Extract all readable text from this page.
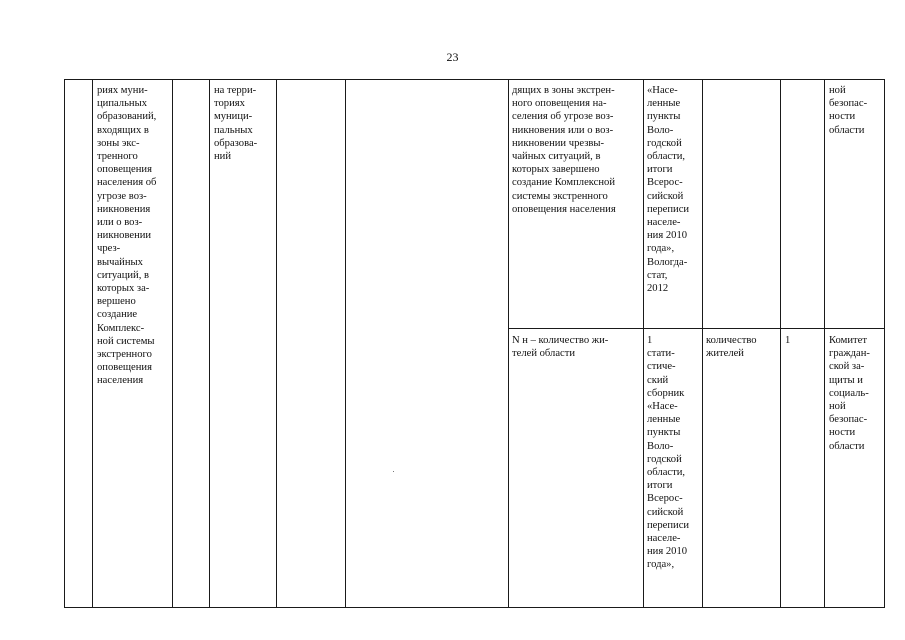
23

риях муни-
ципальных
образований,
входящих в
зоны экс-
тренного
оповещения
населения об
угрозе воз-
никновения
или о воз-
никновении
чрез-
вычайных
ситуаций, в
которых за-
вершено
создание
Комплекс-
ной системы
экстренного
оповещения
населения

на терри-
ториях
муници-
пальных
образова-
ний

дящих в зоны экстрен-
ного оповещения на-
селения об угрозе воз-
никновения или о воз-
никновении чрезвы-
чайных ситуаций, в
которых завершено
создание Комплексной
системы экстренного
оповещения населения

«Насе-
ленные
пункты
Воло-
годской
области,
итоги
Всерос-
сийской
переписи
населе-
ния 2010
года»,
Вологда-
стат,
2012

ной
безопас-
ности
области

N н – количество жи-
телей области

1
стати-
стиче-
ский
сборник
«Насе-
ленные
пункты
Воло-
годской
области,
итоги
Всерос-
сийской
переписи
населе-
ния 2010
года»,

количество
жителей

1	Комитет
граждан-
ской за-
щиты и
социаль-
ной
безопас-
ности
области
